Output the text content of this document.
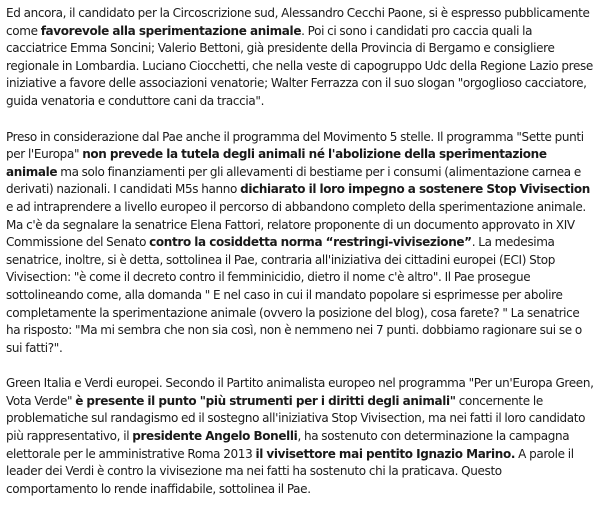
Ed ancora, il candidato per la Circoscrizione sud, Alessandro Cecchi Paone, si è espresso pubblicamente come favorevole alla sperimentazione animale. Poi ci sono i candidati pro caccia quali la cacciatrice Emma Soncini; Valerio Bettoni, già presidente della Provincia di Bergamo e consigliere regionale in Lombardia. Luciano Ciocchetti, che nella veste di capogruppo Udc della Regione Lazio prese iniziative a favore delle associazioni venatorie; Walter Ferrazza con il suo slogan "orgoglioso cacciatore, guida venatoria e conduttore cani da traccia".

Preso in considerazione dal Pae anche il programma del Movimento 5 stelle. Il programma "Sette punti per l'Europa" non prevede la tutela degli animali né l'abolizione della sperimentazione animale ma solo finanziamenti per gli allevamenti di bestiame per i consumi (alimentazione carnea e derivati) nazionali. I candidati M5s hanno dichiarato il loro impegno a sostenere Stop Vivisection e ad intraprendere a livello europeo il percorso di abbandono completo della sperimentazione animale. Ma c'è da segnalare la senatrice Elena Fattori, relatore proponente di un documento approvato in XIV Commissione del Senato contro la cosiddetta norma “restringi-vivisezione”. La medesima senatrice, inoltre, si è detta, sottolinea il Pae, contraria all'iniziativa dei cittadini europei (ECI) Stop Vivisection: "è come il decreto contro il femminicidio, dietro il nome c'è altro". Il Pae prosegue sottolineando come, alla domanda " E nel caso in cui il mandato popolare si esprimesse per abolire completamente la sperimentazione animale (ovvero la posizione del blog), cosa farete? " La senatrice ha risposto: "Ma mi sembra che non sia così, non è nemmeno nei 7 punti. dobbiamo ragionare sui se o sui fatti?".

Green Italia e Verdi europei. Secondo il Partito animalista europeo nel programma "Per un'Europa Green, Vota Verde" è presente il punto "più strumenti per i diritti degli animali" concernente le problematiche sul randagismo ed il sostegno all'iniziativa Stop Vivisection, ma nei fatti il loro candidato più rappresentativo, il presidente Angelo Bonelli, ha sostenuto con determinazione la campagna elettorale per le amministrative Roma 2013 il vivisettore mai pentito Ignazio Marino. A parole il leader dei Verdi è contro la vivisezione ma nei fatti ha sostenuto chi la praticava. Questo comportamento lo rende inaffidabile, sottolinea il Pae.
